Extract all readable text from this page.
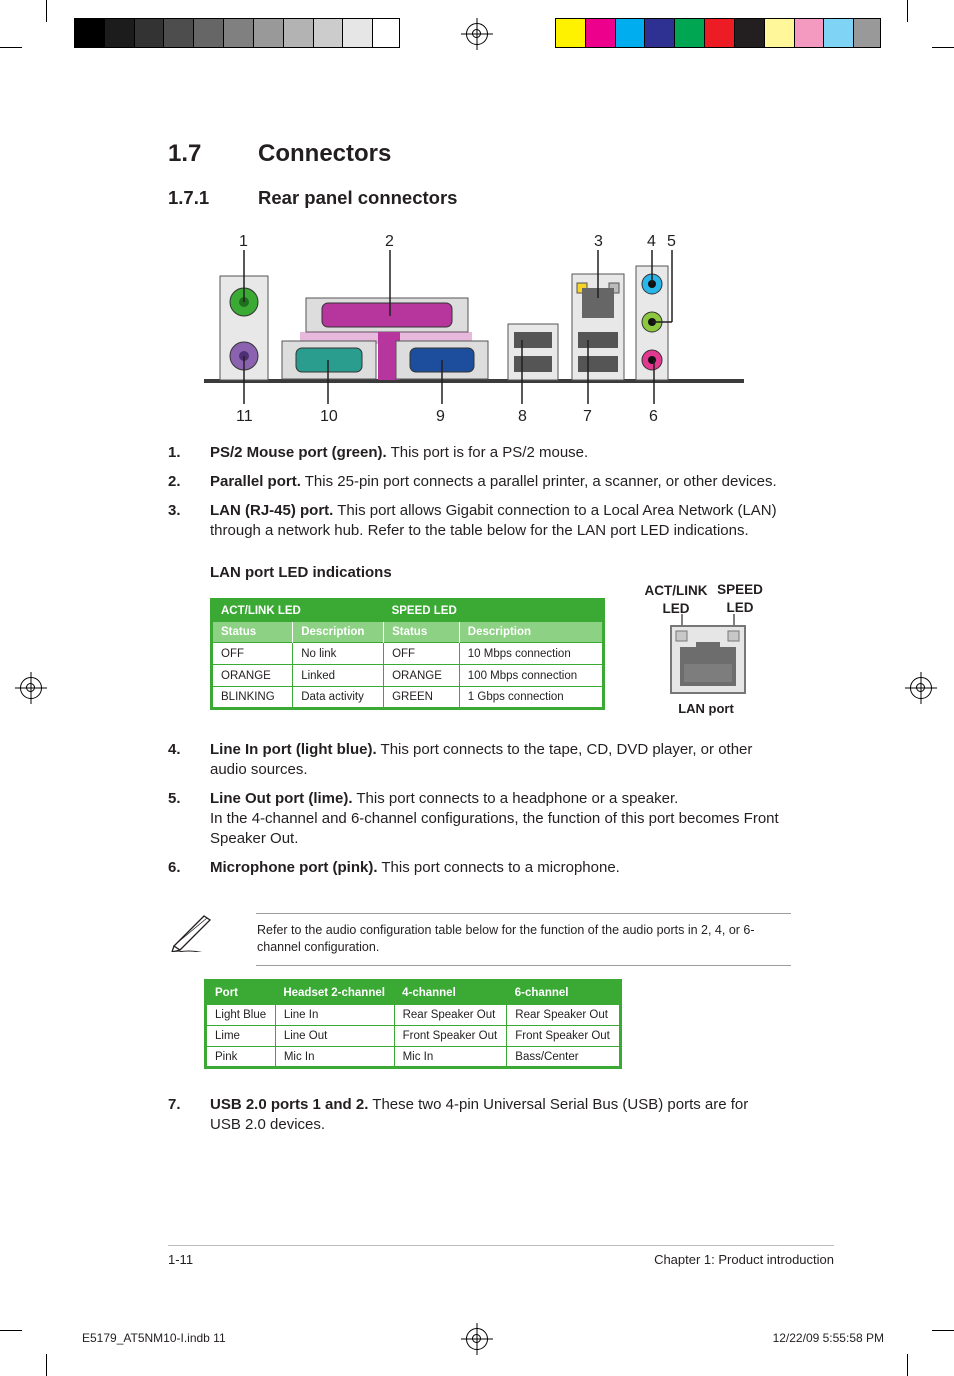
1.7 Connectors
1.7.1	Rear panel connectors
1	2	3	4 5
11	10	9	8	7	6
1. PS/2 Mouse port (green). This port is for a PS/2 mouse.
2. Parallel port. This 25-pin port connects a parallel printer, a scanner, or other devices.
3. LAN (RJ-45) port. This port allows Gigabit connection to a Local Area Network (LAN) through a network hub. Refer to the table below for the LAN port LED indications.
LAN port LED indications
ACT/LINK LED		SPEED LED	
Status	Description	Status	Description
OFF	No link	OFF	10 Mbps connection
ORANGE	Linked	ORANGE	100 Mbps connection
BLINKING	Data activity	GREEN	1 Gbps connection
ACT/LINK
LED
SPEED
LED
LAN port
4. Line In port (light blue). This port connects to the tape, CD, DVD player, or other audio sources.
5. Line Out port (lime). This port connects to a headphone or a speaker.
In the 4-channel and 6-channel configurations, the function of this port becomes Front Speaker Out.
6. Microphone port (pink). This port connects to a microphone.
Refer to the audio configuration table below for the function of the audio ports in 2, 4, or 6-channel configuration.
Port	Headset 2-channel	4-channel	6-channel
Light Blue	Line In	Rear Speaker Out	Rear Speaker Out
Lime	Line Out	Front Speaker Out	Front Speaker Out
Pink	Mic In	Mic In	Bass/Center
7. USB 2.0 ports 1 and 2. These two 4-pin Universal Serial Bus (USB) ports are for USB 2.0 devices.
1-11	Chapter 1: Product introduction
E5179_AT5NM10-I.indb 11	12/22/09 5:55:58 PM
